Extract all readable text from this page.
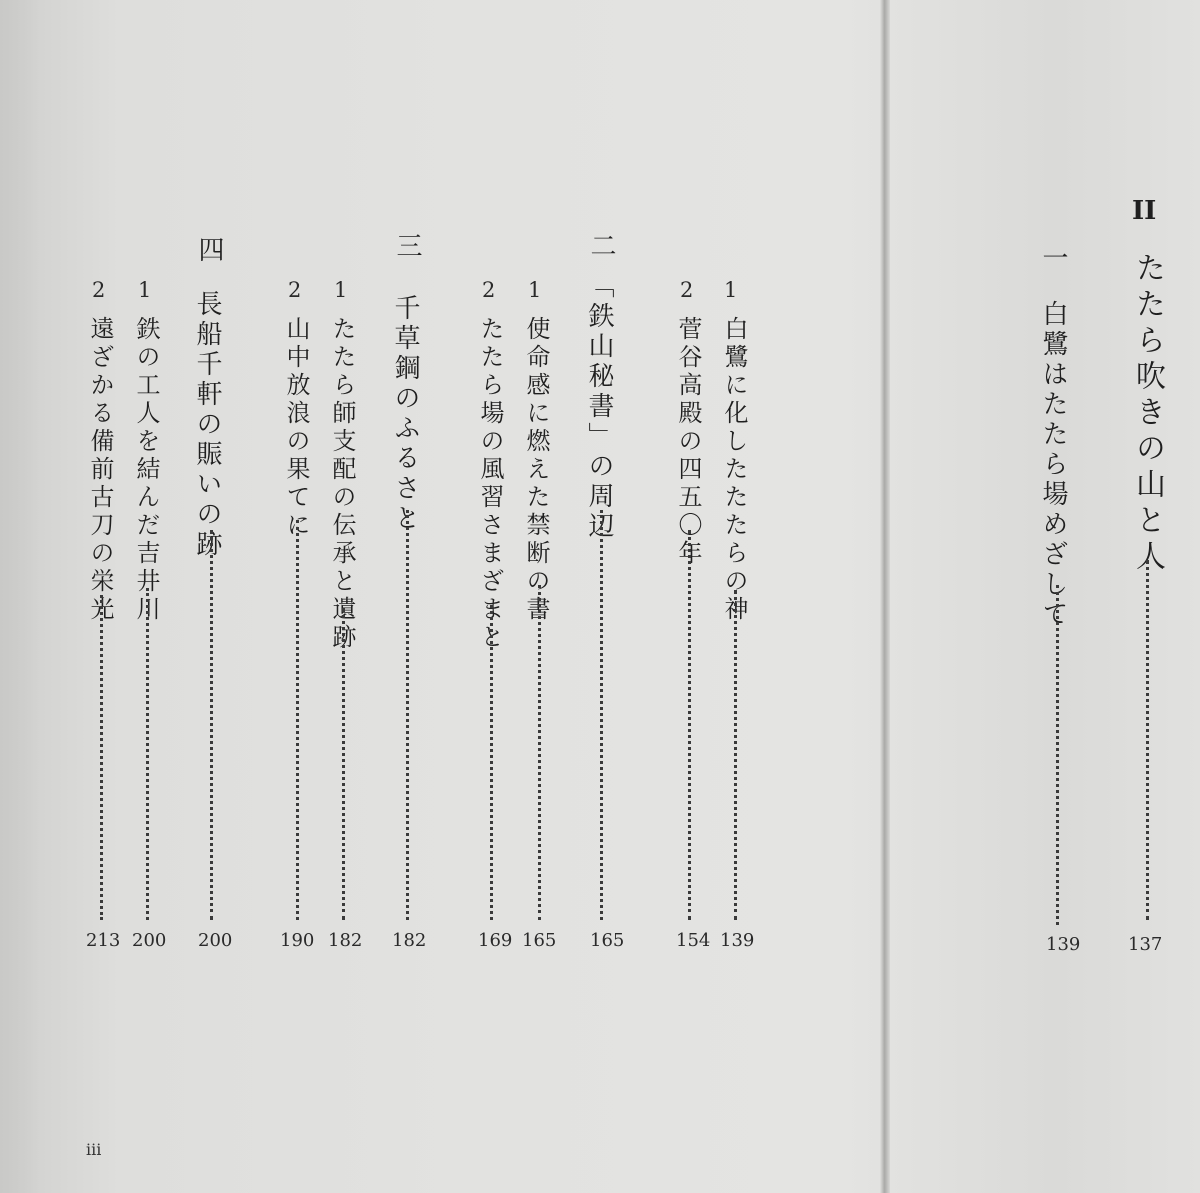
II
たたら吹きの山と人
137
一
白鷺はたたら場めざして
139
1
白鷺に化したたたらの神
139
2
菅谷高殿の四五〇年
154
二
「鉄山秘書」の周辺
165
1
使命感に燃えた禁断の書
165
2
たたら場の風習さまざまと
169
三
千草鋼のふるさと
182
1
たたら師支配の伝承と遺跡
182
2
山中放浪の果てに
190
四
長船千軒の賑いの跡
200
1
鉄の工人を結んだ吉井川
200
2
遠ざかる備前古刀の栄光
213
iii
